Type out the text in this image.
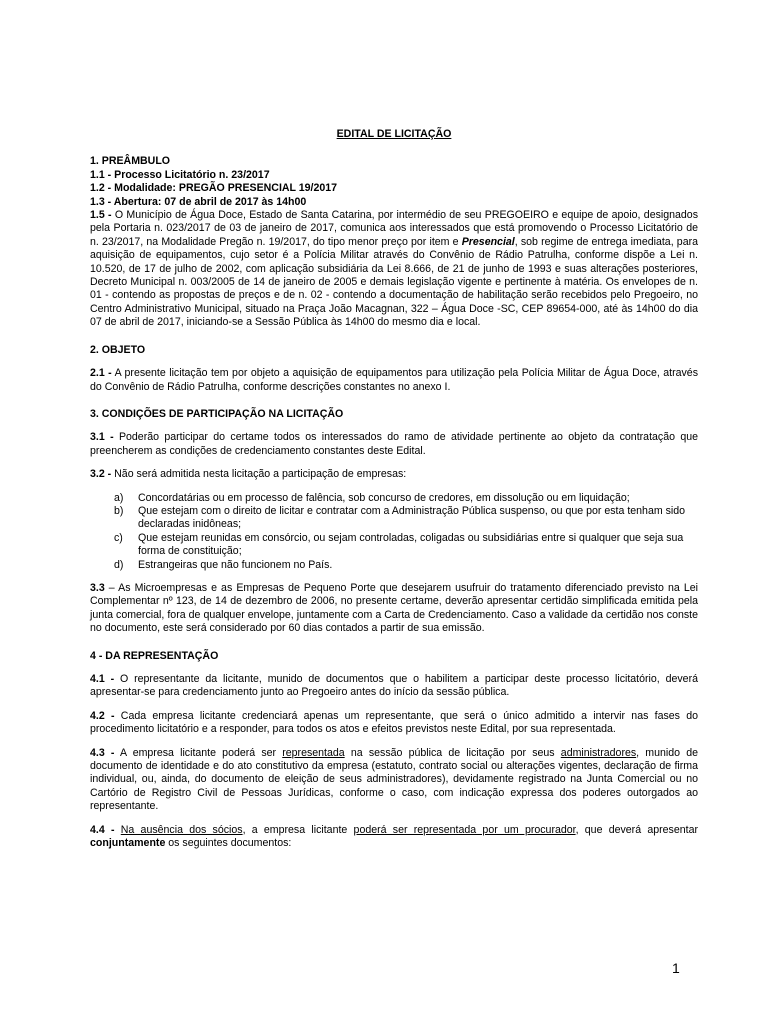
EDITAL DE LICITAÇÃO
1. PREÂMBULO
1.1 - Processo Licitatório n. 23/2017
1.2 - Modalidade: PREGÃO PRESENCIAL 19/2017
1.3 - Abertura: 07 de abril de 2017 às 14h00

1.5 - O Município de Água Doce, Estado de Santa Catarina, por intermédio de seu PREGOEIRO e equipe de apoio, designados pela Portaria n. 023/2017 de 03 de janeiro de 2017, comunica aos interessados que está promovendo o Processo Licitatório de n. 23/2017, na Modalidade Pregão n. 19/2017, do tipo menor preço por item e Presencial, sob regime de entrega imediata, para aquisição de equipamentos, cujo setor é a Polícia Militar através do Convênio de Rádio Patrulha, conforme dispõe a Lei n. 10.520, de 17 de julho de 2002, com aplicação subsidiária da Lei 8.666, de 21 de junho de 1993 e suas alterações posteriores, Decreto Municipal n. 003/2005 de 14 de janeiro de 2005 e demais legislação vigente e pertinente à matéria. Os envelopes de n. 01 - contendo as propostas de preços e de n. 02 - contendo a documentação de habilitação serão recebidos pelo Pregoeiro, no Centro Administrativo Municipal, situado na Praça João Macagnan, 322 – Água Doce -SC, CEP 89654-000, até às 14h00 do dia 07 de abril de 2017, iniciando-se a Sessão Pública às 14h00 do mesmo dia e local.

2. OBJETO

2.1 - A presente licitação tem por objeto a aquisição de equipamentos para utilização pela Polícia Militar de Água Doce, através do Convênio de Rádio Patrulha, conforme descrições constantes no anexo I.

3. CONDIÇÕES DE PARTICIPAÇÃO NA LICITAÇÃO

3.1 - Poderão participar do certame todos os interessados do ramo de atividade pertinente ao objeto da contratação que preencherem as condições de credenciamento constantes deste Edital.

3.2 - Não será admitida nesta licitação a participação de empresas:

a)	Concordatárias ou em processo de falência, sob concurso de credores, em dissolução ou em liquidação;
b)	Que estejam com o direito de licitar e contratar com a Administração Pública suspenso, ou que por esta tenham sido declaradas inidôneas;
c)	Que estejam reunidas em consórcio, ou sejam controladas, coligadas ou subsidiárias entre si qualquer que seja sua forma de constituição;
d)	Estrangeiras que não funcionem no País.

3.3 – As Microempresas e as Empresas de Pequeno Porte que desejarem usufruir do tratamento diferenciado previsto na Lei Complementar nº 123, de 14 de dezembro de 2006, no presente certame, deverão apresentar certidão simplificada emitida pela junta comercial, fora de qualquer envelope, juntamente com a Carta de Credenciamento. Caso a validade da certidão nos conste no documento, este será considerado por 60 dias contados a partir de sua emissão.

4 - DA REPRESENTAÇÃO

4.1 - O representante da licitante, munido de documentos que o habilitem a participar deste processo licitatório, deverá apresentar-se para credenciamento junto ao Pregoeiro antes do início da sessão pública.

4.2 - Cada empresa licitante credenciará apenas um representante, que será o único admitido a intervir nas fases do procedimento licitatório e a responder, para todos os atos e efeitos previstos neste Edital, por sua representada.

4.3 - A empresa licitante poderá ser representada na sessão pública de licitação por seus administradores, munido de documento de identidade e do ato constitutivo da empresa (estatuto, contrato social ou alterações vigentes, declaração de firma individual, ou, ainda, do documento de eleição de seus administradores), devidamente registrado na Junta Comercial ou no Cartório de Registro Civil de Pessoas Jurídicas, conforme o caso, com indicação expressa dos poderes outorgados ao representante.

4.4 - Na ausência dos sócios, a empresa licitante poderá ser representada por um procurador, que deverá apresentar conjuntamente os seguintes documentos:

1
